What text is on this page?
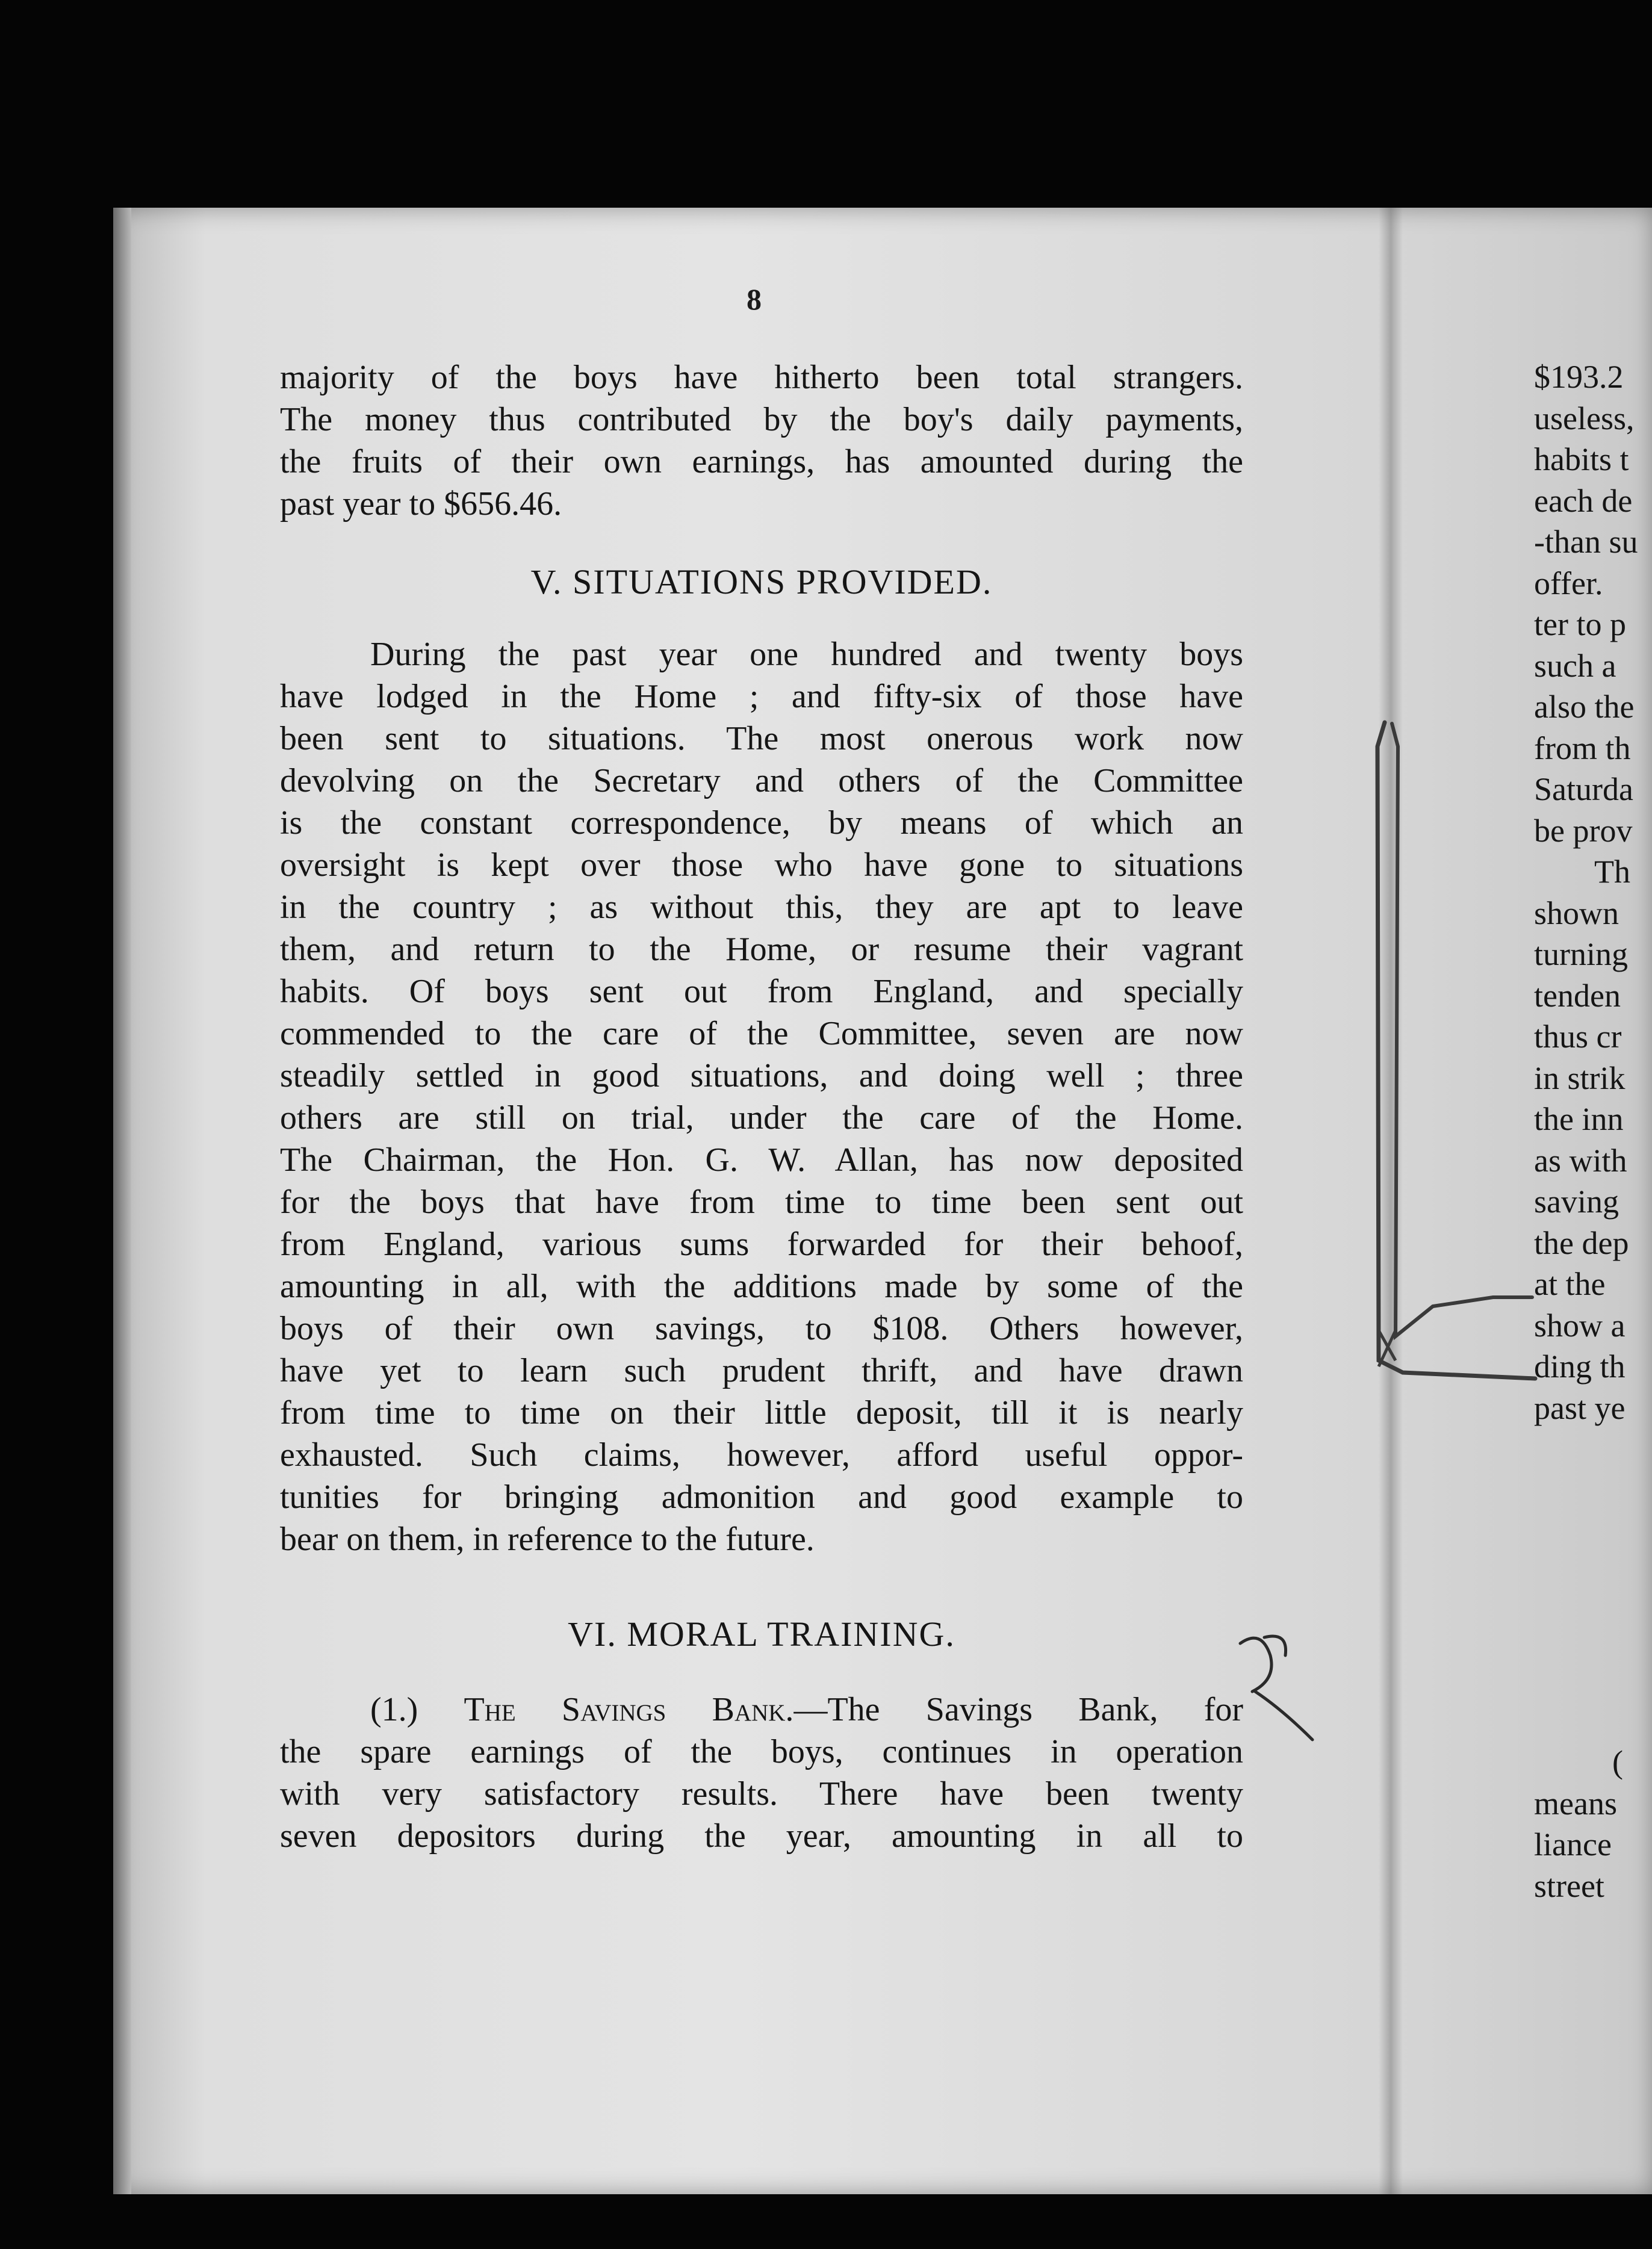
8
majority of the boys have hitherto been total strangers.
The money thus contributed by the boy's daily payments,
the fruits of their own earnings, has amounted during the
past year to $656.46.
V. SITUATIONS PROVIDED.
During the past year one hundred and twenty boys
have lodged in the Home ; and fifty-six of those have
been sent to situations. The most onerous work now
devolving on the Secretary and others of the Committee
is the constant correspondence, by means of which an
oversight is kept over those who have gone to situations
in the country ; as without this, they are apt to leave
them, and return to the Home, or resume their vagrant
habits. Of boys sent out from England, and specially
commended to the care of the Committee, seven are now
steadily settled in good situations, and doing well ; three
others are still on trial, under the care of the Home.
The Chairman, the Hon. G. W. Allan, has now deposited
for the boys that have from time to time been sent out
from England, various sums forwarded for their behoof,
amounting in all, with the additions made by some of the
boys of their own savings, to $108. Others however,
have yet to learn such prudent thrift, and have drawn
from time to time on their little deposit, till it is nearly
exhausted. Such claims, however, afford useful oppor-
tunities for bringing admonition and good example to
bear on them, in reference to the future.
VI. MORAL TRAINING.
(1.) The Savings Bank.—The Savings Bank, for
the spare earnings of the boys, continues in operation
with very satisfactory results. There have been twenty
seven depositors during the year, amounting in all to
$193.2
useless,
habits t
each de
-than su
offer.
ter to p
such a
also the
from th
Saturda
be prov
Th
shown
turning
tenden
thus cr
in strik
the inn
as with
saving
the dep
at the
show a
ding th
past ye
(
means
liance
street
